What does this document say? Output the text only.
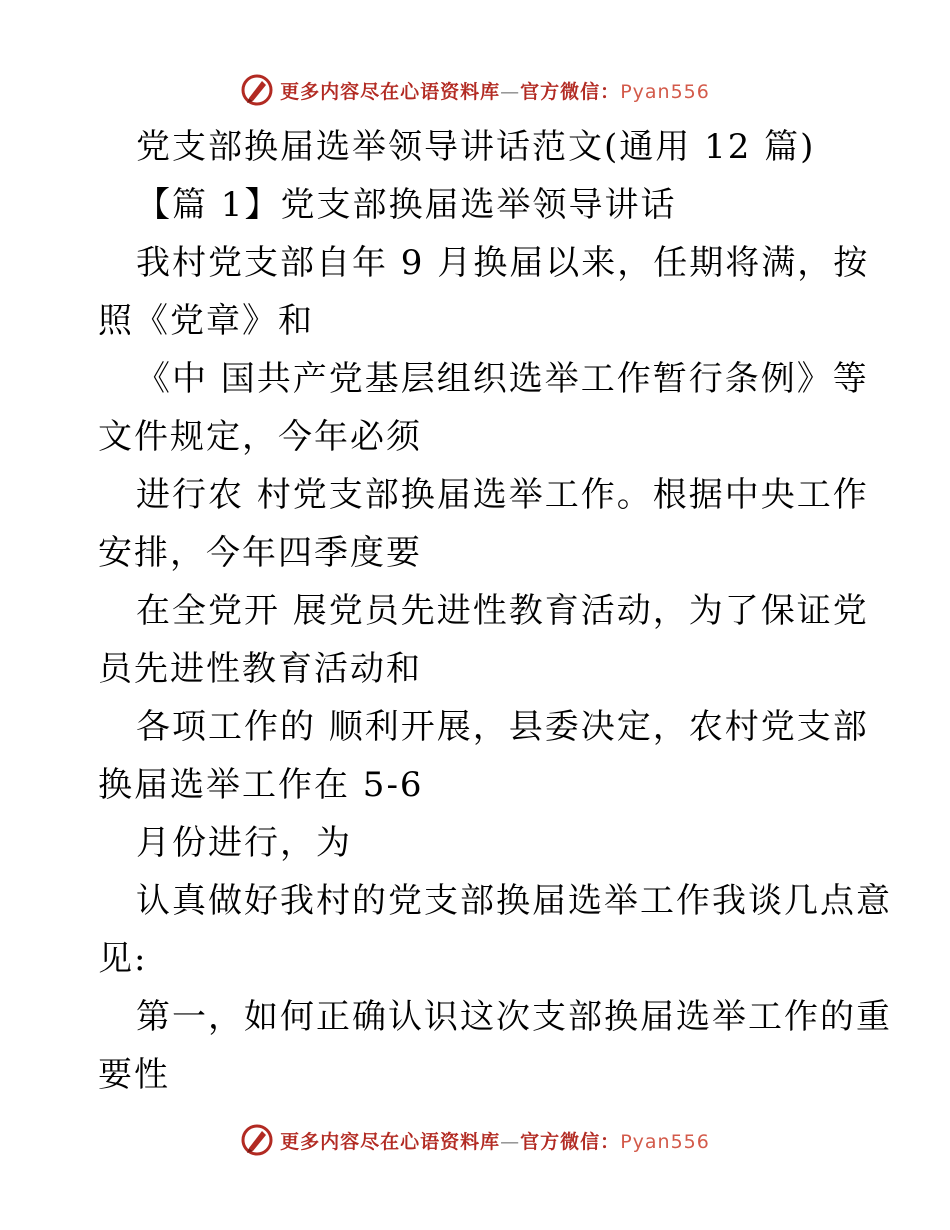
更多内容尽在心语资料库—官方微信：Pyan556
党支部换届选举领导讲话范文(通用 12 篇)
【篇 1】党支部换届选举领导讲话
我村党支部自年 9 月换届以来，任期将满，按
照《党章》和
《中 国共产党基层组织选举工作暂行条例》等
文件规定，今年必须
进行农 村党支部换届选举工作。根据中央工作
安排，今年四季度要
在全党开 展党员先进性教育活动，为了保证党
员先进性教育活动和
各项工作的 顺利开展，县委决定，农村党支部
换届选举工作在 5-6
月份进行，为
认真做好我村的党支部换届选举工作我谈几点意
见:
第一，如何正确认识这次支部换届选举工作的重
要性
更多内容尽在心语资料库—官方微信：Pyan556
